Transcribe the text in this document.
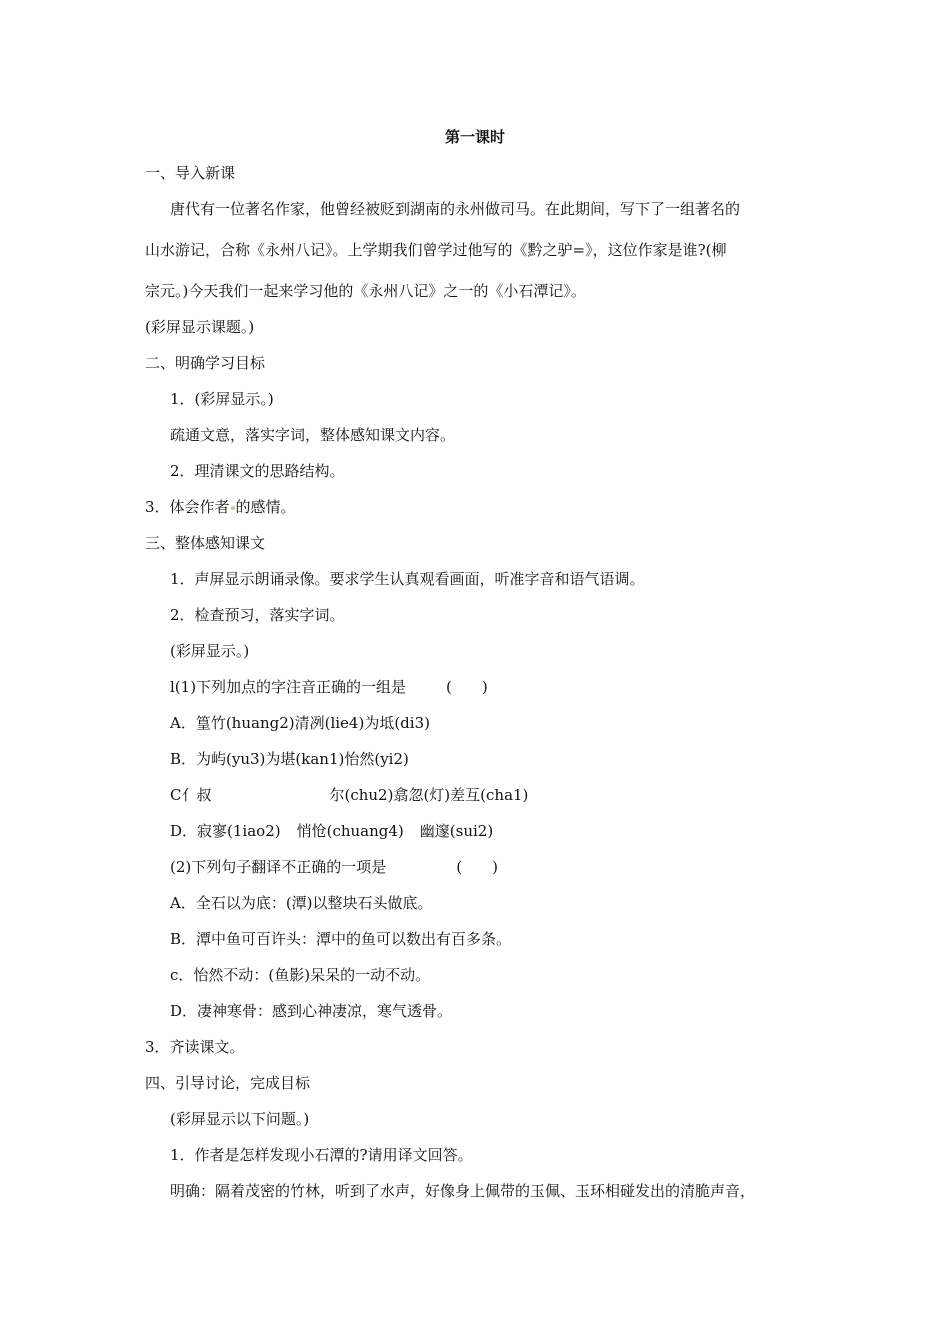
第一课时
一、导入新课
唐代有一位著名作家，他曾经被贬到湖南的永州做司马。在此期间，写下了一组著名的
山水游记，合称《永州八记》。上学期我们曾学过他写的《黔之驴=》，这位作家是谁?(柳
宗元。)今天我们一起来学习他的《永州八记》之一的《小石潭记》。
(彩屏显示课题。)
二、明确学习目标
1．(彩屏显示。)
疏通文意，落实字词，整体感知课文内容。
2．理清课文的思路结构。
3．体会作者 的感情。
三、整体感知课文
1．声屏显示朗诵录像。要求学生认真观看画面，听准字音和语气语调。
2．检查预习，落实字词。
(彩屏显示。)
l(1)下列加点的字注音正确的一组是	(　　)
A．篁竹(huang2)清冽(lie4)为坻(di3)
B．为屿(yu3)为堪(kan1)怡然(yi2)
C亻叔	尔(chu2)翕忽(灯)差互(cha1)
D．寂寥(1iao2) 悄怆(chuang4) 幽邃(sui2)
(2)下列句子翻译不正确的一项是	(　　)
A．全石以为底：(潭)以整块石头做底。
B．潭中鱼可百许头：潭中的鱼可以数出有百多条。
c．怡然不动：(鱼影)呆呆的一动不动。
D．凄神寒骨：感到心神凄凉，寒气透骨。
3．齐读课文。
四、引导讨论，完成目标
(彩屏显示以下问题。)
1．作者是怎样发现小石潭的?请用译文回答。
明确：隔着茂密的竹林，听到了水声，好像身上佩带的玉佩、玉环相碰发出的清脆声音，
